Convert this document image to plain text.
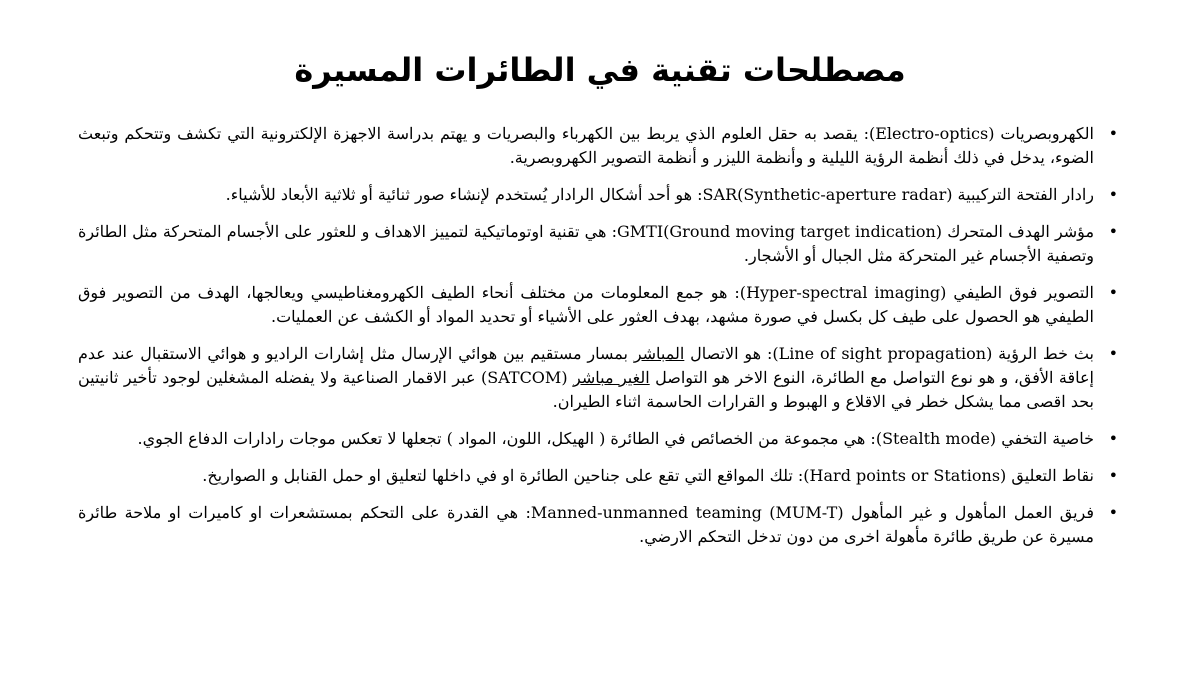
مصطلحات تقنية في الطائرات المسيرة
•
الكهروبصريات (Electro-optics): يقصد به حقل العلوم الذي يربط بين الكهرباء والبصريات و يهتم بدراسة الاجهزة الإلكترونية التي تكشف وتتحكم وتبعث الضوء، يدخل في ذلك أنظمة الرؤية الليلية و وأنظمة الليزر و أنظمة التصوير الكهروبصرية.
•
رادار الفتحة التركيبية SAR(Synthetic-aperture radar): هو أحد أشكال الرادار يُستخدم لإنشاء صور ثنائية أو ثلاثية الأبعاد للأشياء.
•
مؤشر الهدف المتحرك GMTI(Ground moving target indication): هي تقنية اوتوماتيكية لتمييز الاهداف و للعثور على الأجسام المتحركة مثل الطائرة وتصفية الأجسام غير المتحركة مثل الجبال أو الأشجار.
•
التصوير فوق الطيفي (Hyper-spectral imaging): هو جمع المعلومات من مختلف أنحاء الطيف الكهرومغناطيسي ويعالجها، الهدف من التصوير فوق الطيفي هو الحصول على طيف كل بكسل في صورة مشهد، بهدف العثور على الأشياء أو تحديد المواد أو الكشف عن العمليات.
•
بث خط الرؤية (Line of sight propagation): هو الاتصال المباشر بمسار مستقيم بين هوائي الإرسال مثل إشارات الراديو و هوائي الاستقبال عند عدم إعاقة الأفق، و هو نوع التواصل مع الطائرة، النوع الاخر هو التواصل الغير مباشر (SATCOM) عبر الاقمار الصناعية ولا يفضله المشغلين لوجود تأخير ثانيتين بحد اقصى مما يشكل خطر في الاقلاع و الهبوط و القرارات الحاسمة اثناء الطيران.
•
خاصية التخفي (Stealth mode): هي مجموعة من الخصائص في الطائرة ( الهيكل، اللون، المواد ) تجعلها لا تعكس موجات رادارات الدفاع الجوي.
•
نقاط التعليق (Hard points or Stations): تلك المواقع التي تقع على جناحين الطائرة او في داخلها لتعليق او حمل القنابل و الصواريخ.
•
فريق العمل المأهول و غير المأهول (Manned-unmanned teaming (MUM-T: هي القدرة على التحكم بمستشعرات او كاميرات او ملاحة طائرة مسيرة عن طريق طائرة مأهولة اخرى من دون تدخل التحكم الارضي.
